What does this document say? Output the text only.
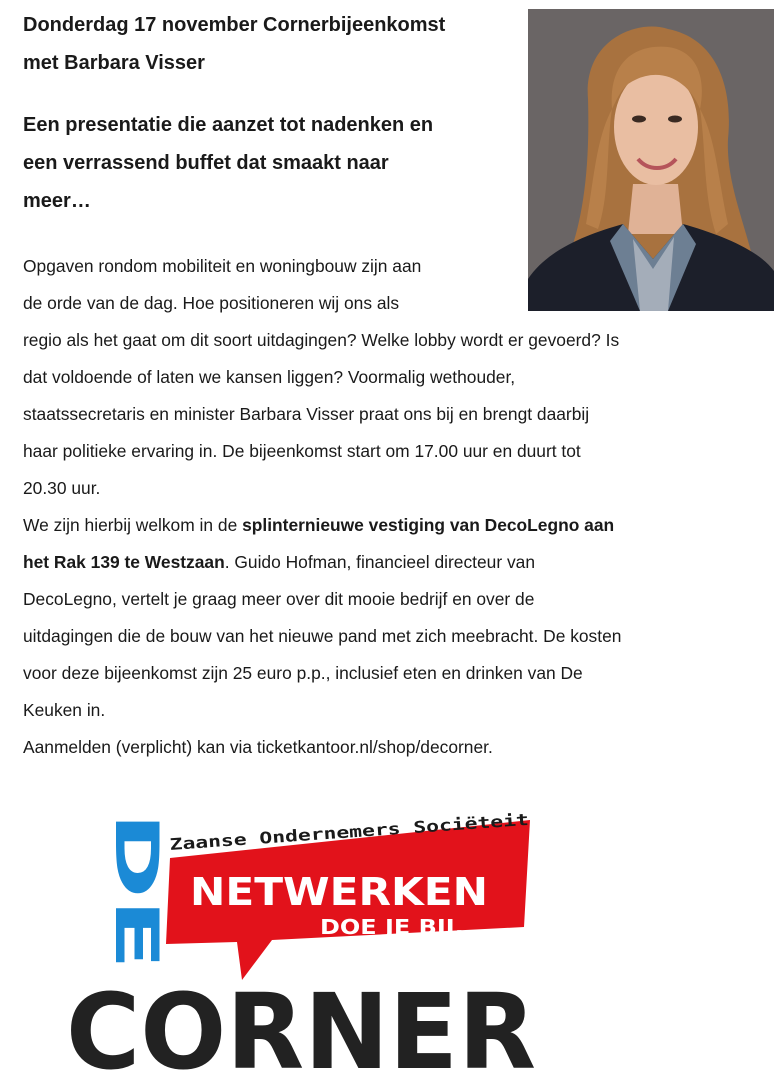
Donderdag 17 november Cornerbijeenkomst
met Barbara Visser
Een presentatie die aanzet tot nadenken en
een verrassend buffet dat smaakt naar
meer…
Opgaven rondom mobiliteit en woningbouw zijn aan
de orde van de dag. Hoe positioneren wij ons als
regio als het gaat om dit soort uitdagingen? Welke lobby wordt er gevoerd? Is
dat voldoende of laten we kansen liggen? Voormalig wethouder,
staatssecretaris en minister Barbara Visser praat ons bij en brengt daarbij
haar politieke ervaring in. De bijeenkomst start om 17.00 uur en duurt tot
20.30 uur.
We zijn hierbij welkom in de splinternieuwe vestiging van DecoLegno aan
het Rak 139 te Westzaan. Guido Hofman, financieel directeur van
DecoLegno, vertelt je graag meer over dit mooie bedrijf en over de
uitdagingen die de bouw van het nieuwe pand met zich meebracht. De kosten
voor deze bijeenkomst zijn 25 euro p.p., inclusief eten en drinken van De
Keuken in.
Aanmelden (verplicht) kan via ticketkantoor.nl/shop/decorner.
DE
Zaanse Ondernemers Sociëteit
NETWERKEN
DOE JE BIJ...
CORNER
